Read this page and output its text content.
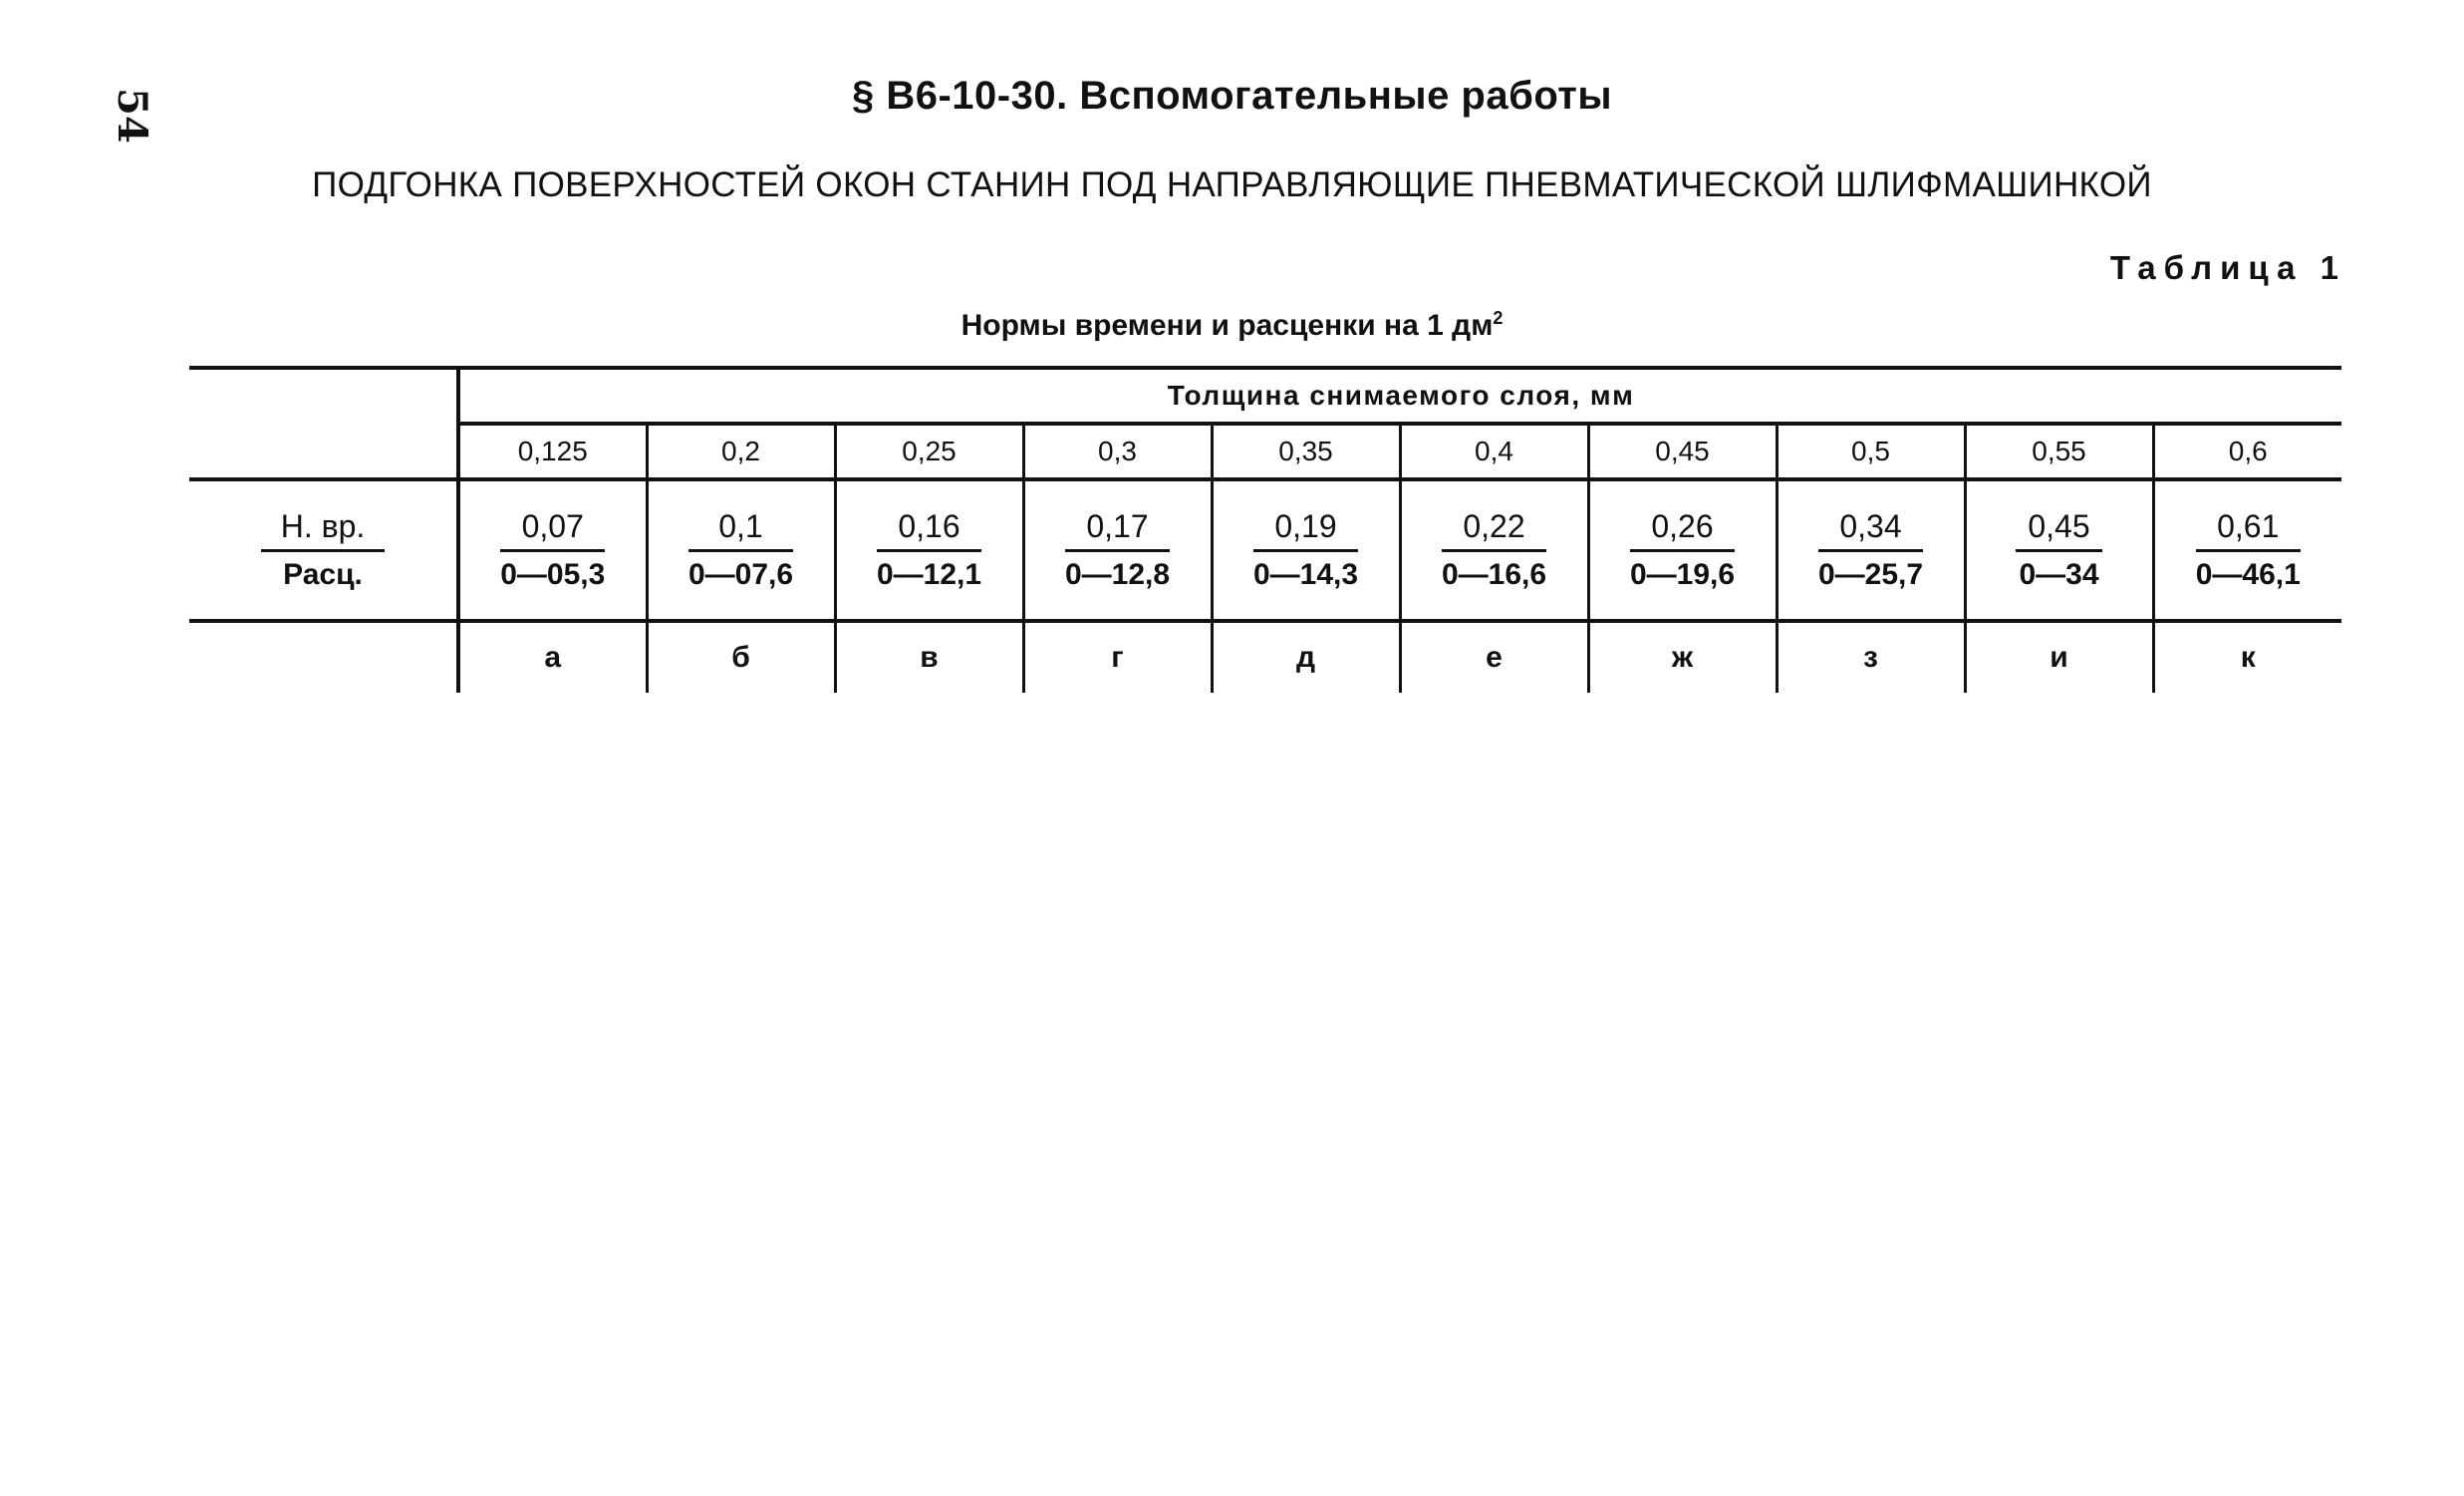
54	§ В6-10-30. Вспомогательные работы
ПОДГОНКА ПОВЕРХНОСТЕЙ ОКОН СТАНИН ПОД НАПРАВЛЯЮЩИЕ ПНЕВМАТИЧЕСКОЙ ШЛИФМАШИНКОЙ
Таблица 1
Нормы времени и расценки на 1 $дм^2$
	Толщина снимаемого слоя, мм									
	0,125	0,2	0,25	0,3	0,35	0,4	0,45	0,5	0,55	0,6

$\frac{Н. вр.}{\text{Расц.}}$	$\frac{0,07}{0—05,3}$	$\frac{0,1}{0—07,6}$	$\frac{0,16}{0—12,1}$	$\frac{0,17}{0—12,8}$	$\frac{0,19}{0—14,3}$	$\frac{0,22}{0—16,6}$	$\frac{0,26}{0—19,6}$	$\frac{0,34}{0—25,7}$	$\frac{0,45}{0—34}$	$\frac{0,61}{0—46,1}$

	а	б	в	г	д	е	ж	з	и	к
